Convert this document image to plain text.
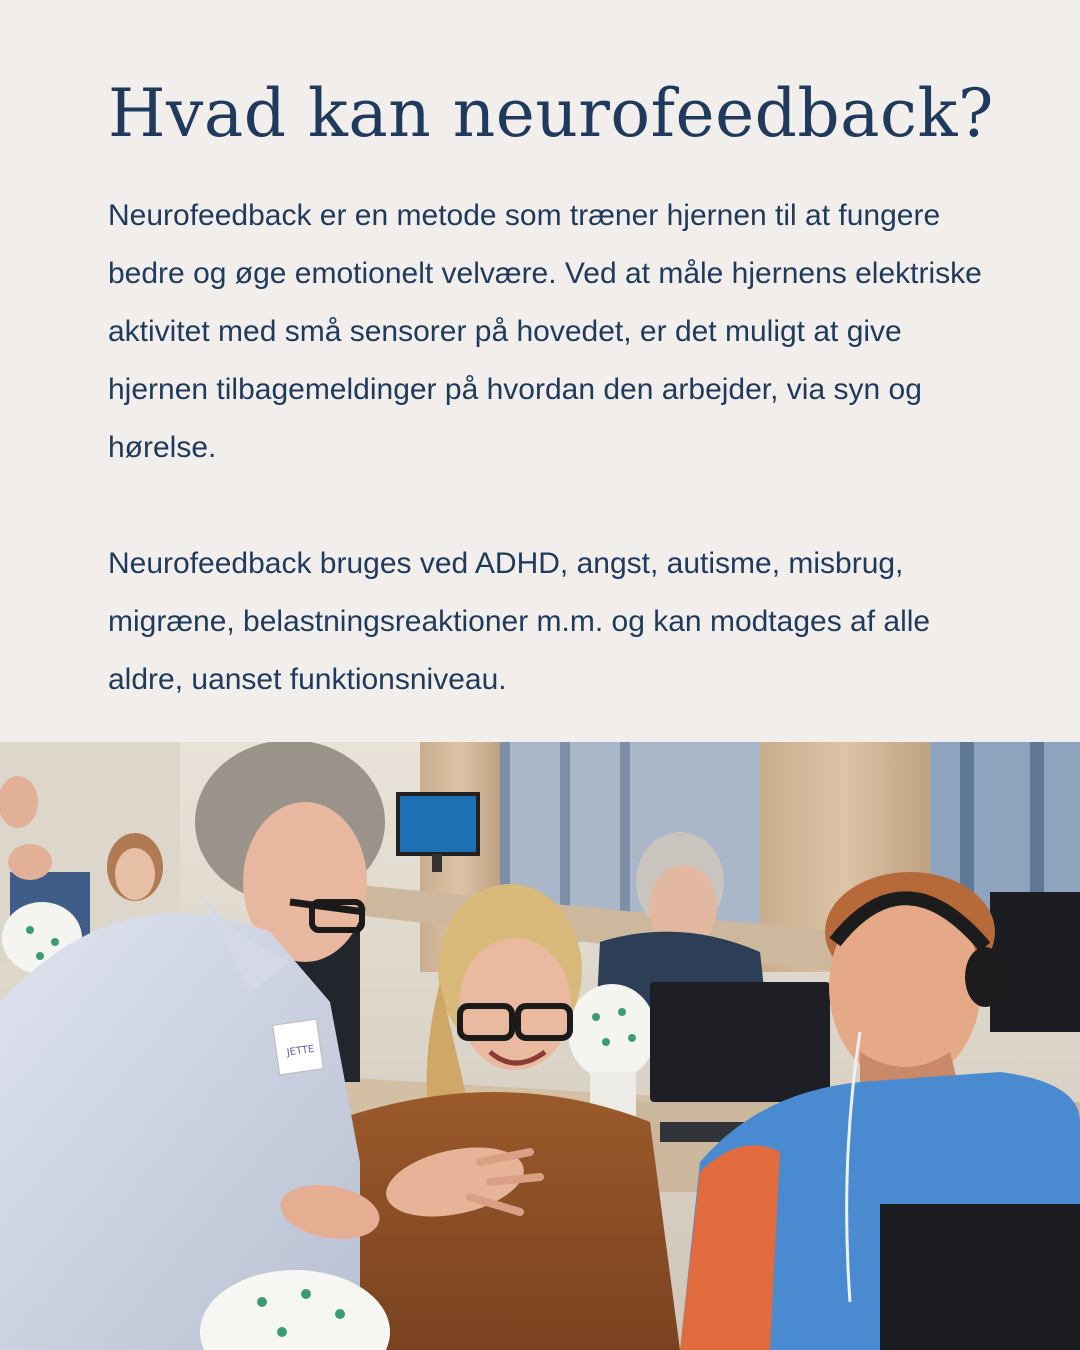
Hvad kan neurofeedback?

Neurofeedback er en metode som træner hjernen til at fungere bedre og øge emotionelt velvære. Ved at måle hjernens elektriske aktivitet med små sensorer på hovedet, er det muligt at give hjernen tilbagemeldinger på hvordan den arbejder, via syn og hørelse.

Neurofeedback bruges ved ADHD, angst, autisme, misbrug, migræne, belastningsreaktioner m.m. og kan modtages af alle aldre, uanset funktionsniveau.

JETTE
